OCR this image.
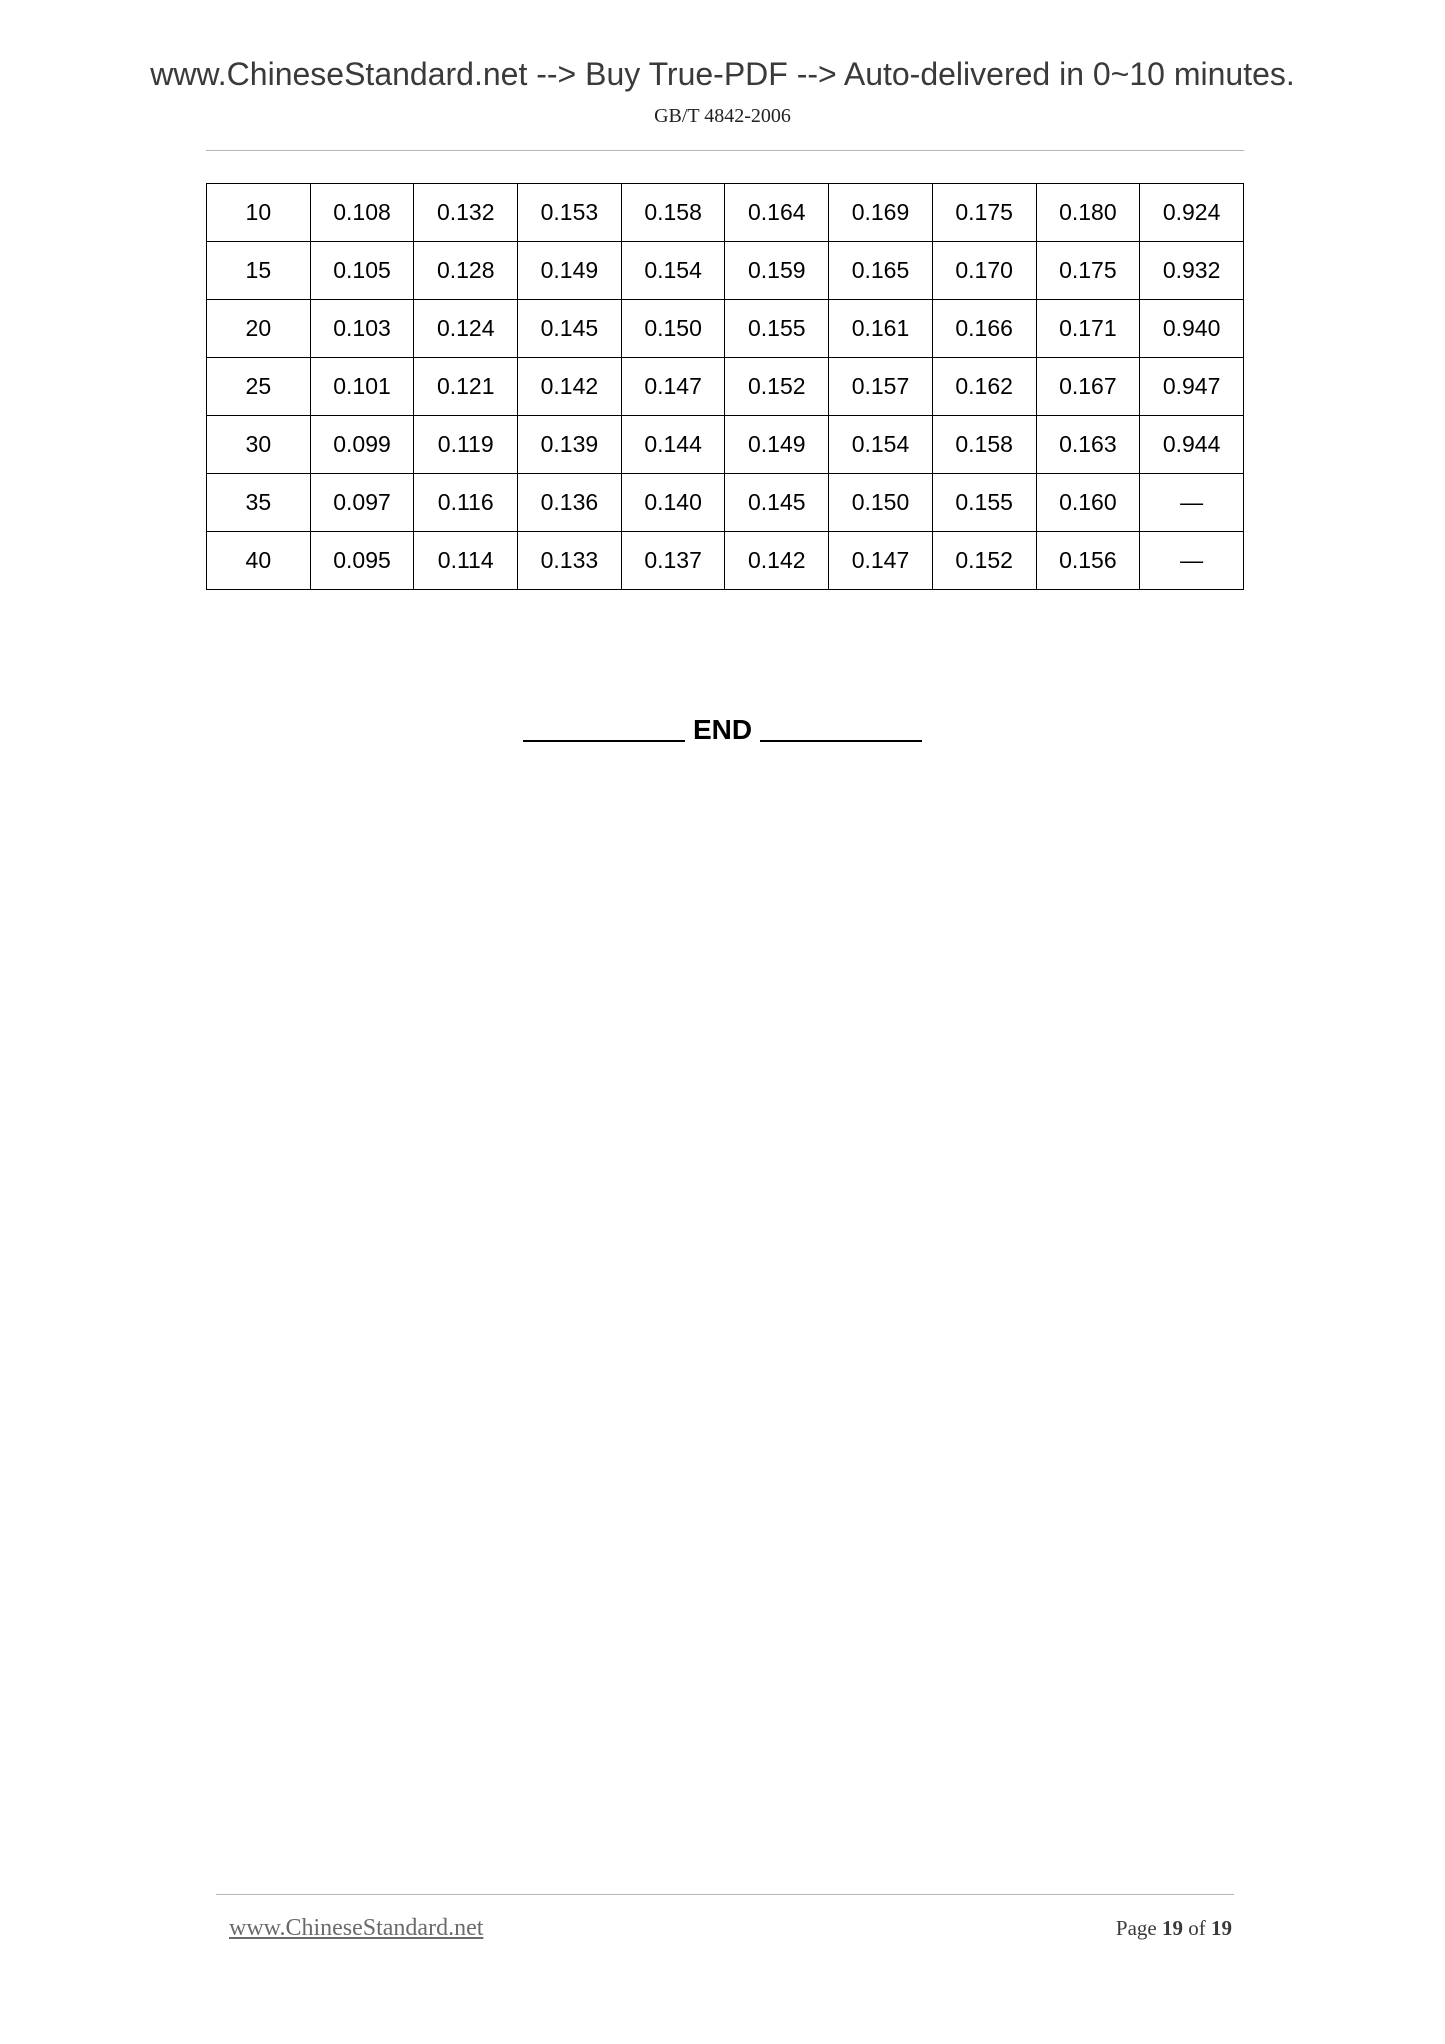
www.ChineseStandard.net --> Buy True-PDF --> Auto-delivered in 0~10 minutes.
GB/T 4842-2006
10	0.108	0.132	0.153	0.158	0.164	0.169	0.175	0.180	0.924
15	0.105	0.128	0.149	0.154	0.159	0.165	0.170	0.175	0.932
20	0.103	0.124	0.145	0.150	0.155	0.161	0.166	0.171	0.940
25	0.101	0.121	0.142	0.147	0.152	0.157	0.162	0.167	0.947
30	0.099	0.119	0.139	0.144	0.149	0.154	0.158	0.163	0.944
35	0.097	0.116	0.136	0.140	0.145	0.150	0.155	0.160	—
40	0.095	0.114	0.133	0.137	0.142	0.147	0.152	0.156	—
END
www.ChineseStandard.net	Page 19 of 19
